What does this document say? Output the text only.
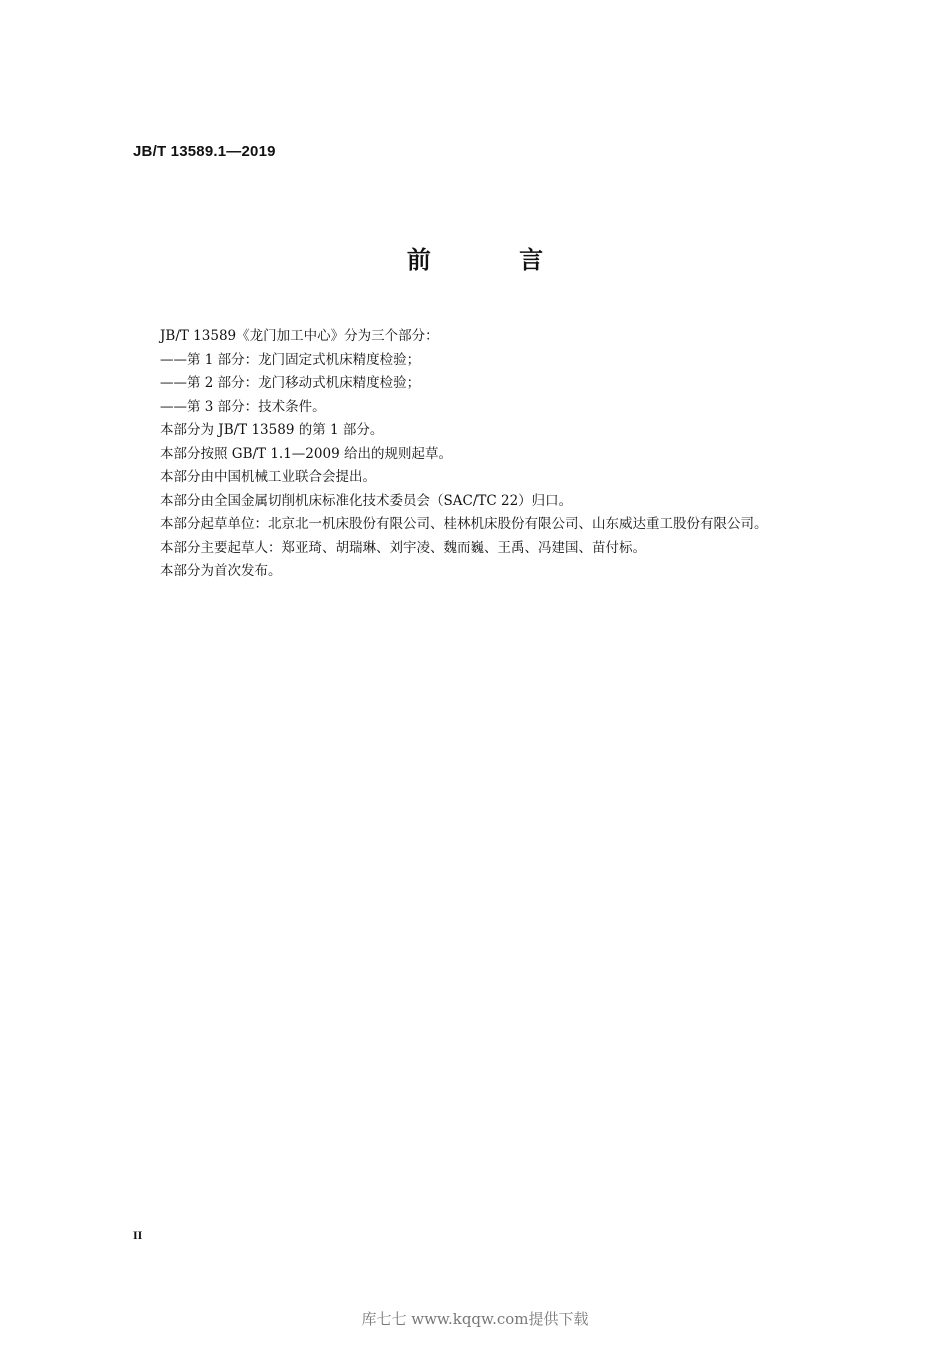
JB/T 13589.1—2019
前 言

JB/T 13589《龙门加工中心》分为三个部分：

——第 1 部分：龙门固定式机床精度检验；

——第 2 部分：龙门移动式机床精度检验；

——第 3 部分：技术条件。

本部分为 JB/T 13589 的第 1 部分。

本部分按照 GB/T 1.1—2009 给出的规则起草。

本部分由中国机械工业联合会提出。

本部分由全国金属切削机床标准化技术委员会（SAC/TC 22）归口。

本部分起草单位：北京北一机床股份有限公司、桂林机床股份有限公司、山东威达重工股份有限公司。

本部分主要起草人：郑亚琦、胡瑞琳、刘宇凌、魏而巍、王禹、冯建国、苗付标。

本部分为首次发布。

II
库七七 www.kqqw.com提供下载
